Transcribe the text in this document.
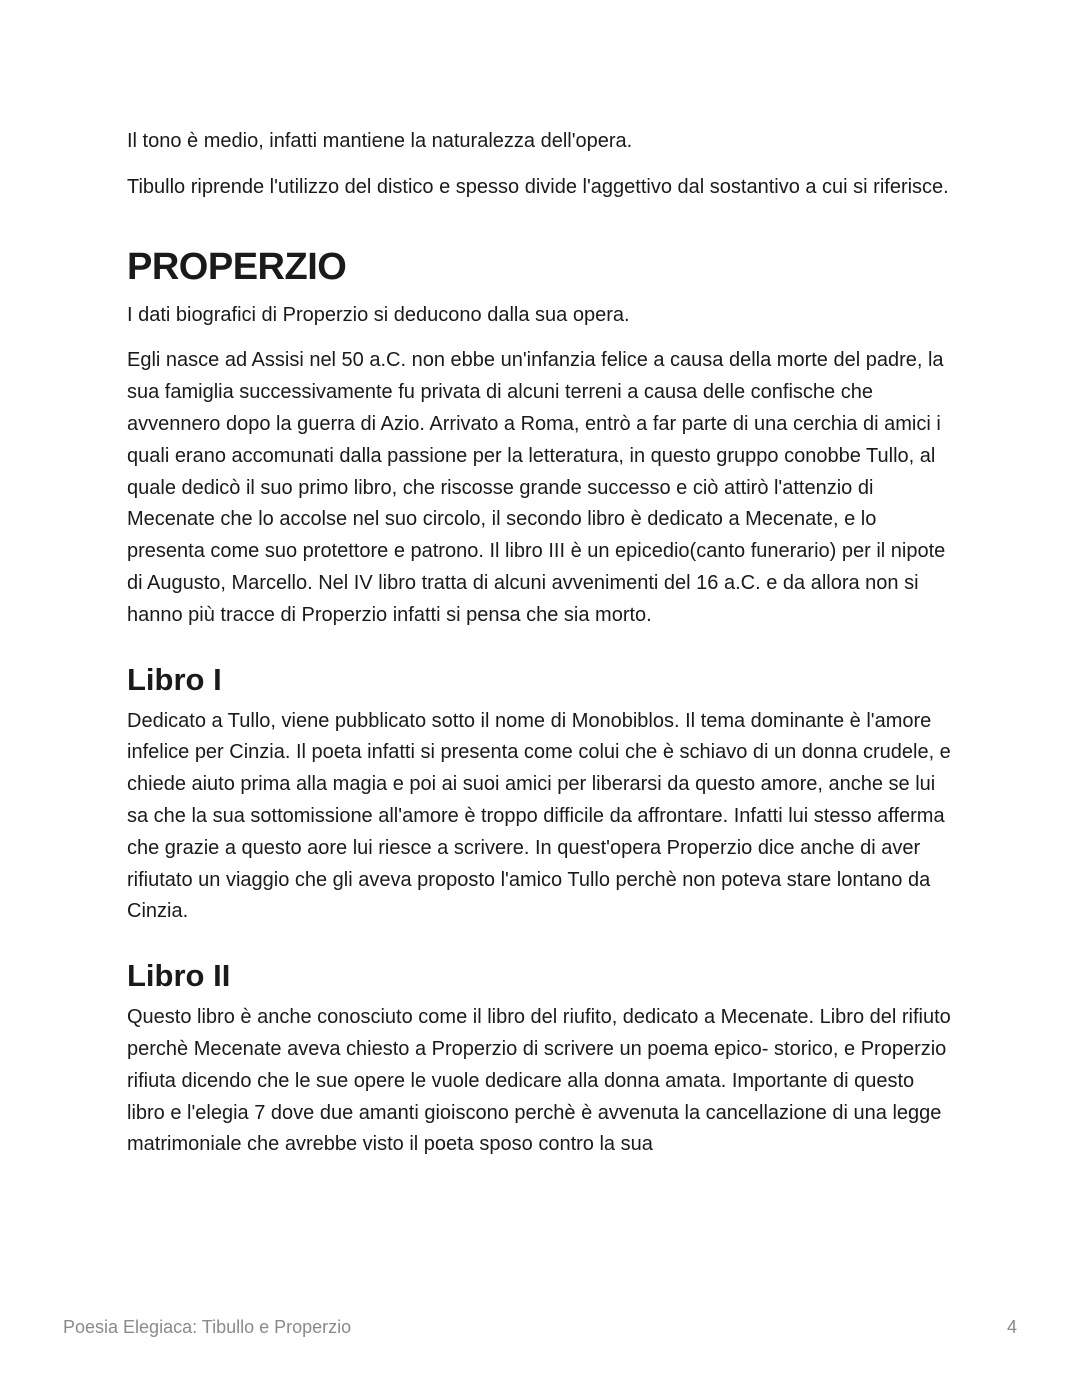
Il tono è medio, infatti mantiene la naturalezza dell'opera.

Tibullo riprende l'utilizzo del distico e spesso divide l'aggettivo dal sostantivo a cui si riferisce.

PROPERZIO

I dati biografici di Properzio si deducono dalla sua opera.

Egli nasce ad Assisi nel 50 a.C. non ebbe un'infanzia felice a causa della morte del padre, la sua famiglia successivamente fu privata di alcuni terreni a causa delle confische che avvennero dopo la guerra di Azio. Arrivato a Roma, entrò a far parte di una cerchia di amici i quali erano accomunati dalla passione per la letteratura, in questo gruppo conobbe Tullo, al quale dedicò il suo primo libro, che riscosse grande successo e ciò attirò l'attenzio di Mecenate che lo accolse nel suo circolo, il secondo libro è dedicato a Mecenate, e lo presenta come suo protettore e patrono. Il libro III è un epicedio(canto funerario) per il nipote di Augusto, Marcello. Nel IV libro tratta di alcuni avvenimenti del 16 a.C. e da allora non si hanno più tracce di Properzio infatti si pensa che sia morto.

Libro I

Dedicato a Tullo, viene pubblicato sotto il nome di Monobiblos. Il tema dominante è l'amore infelice per Cinzia. Il poeta infatti si presenta come colui che è schiavo di un donna crudele, e chiede aiuto prima alla magia e poi ai suoi amici per liberarsi da questo amore, anche se lui sa che la sua sottomissione all'amore è troppo difficile da affrontare. Infatti lui stesso afferma che grazie a questo aore lui riesce a scrivere. In quest'opera Properzio dice anche di aver rifiutato un viaggio che gli aveva proposto l'amico Tullo perchè non poteva stare lontano da Cinzia.

Libro II

Questo libro è anche conosciuto come il libro del riufito, dedicato a Mecenate. Libro del rifiuto perchè Mecenate aveva chiesto a Properzio di scrivere un poema epico- storico, e Properzio rifiuta dicendo che le sue opere le vuole dedicare alla donna amata. Importante di questo libro e l'elegia 7 dove due amanti gioiscono perchè è avvenuta la cancellazione di una legge matrimoniale che avrebbe visto il poeta sposo contro la sua

Poesia Elegiaca: Tibullo e Properzio	4
